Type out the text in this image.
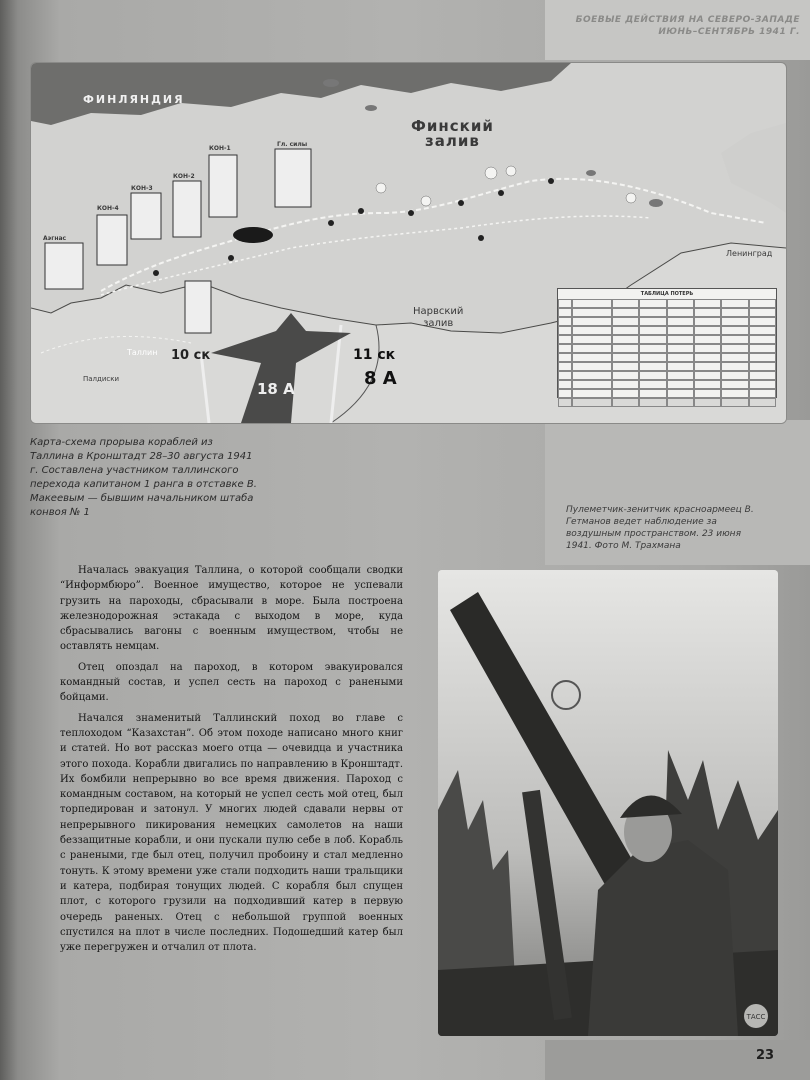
БОЕВЫЕ ДЕЙСТВИЯ НА СЕВЕРО-ЗАПАДЕ
ИЮНЬ–СЕНТЯБРЬ 1941 Г.
ФИНЛЯНДИЯ
Финский
залив
Нарвский
залив
Ленинград
Таллин
Палдиски
10 ск	11 ск
8 А
18 А
КОН-1
КОН-2
КОН-3
КОН-4
Гл. силы
Аэгнас
ТАБЛИЦА ПОТЕРЬ
Карта-схема прорыва кораблей из Таллина в Кронштадт 28–30 августа 1941 г. Составлена участником таллинского перехода капитаном 1 ранга в отставке В. Макеевым — бывшим начальником штаба конвоя № 1	Пулеметчик-зенитчик красноармеец В. Гетманов ведет наблюдение за воздушным пространством. 23 июня 1941. Фото М. Трахмана

Началась эвакуация Таллина, о которой сообщали сводки “Информбюро”. Военное имущество, которое не успевали грузить на пароходы, сбрасывали в море. Была построена железнодорожная эстакада с выходом в море, куда сбрасывались вагоны с военным имуществом, чтобы не оставлять немцам.

Отец опоздал на пароход, в котором эвакуировался командный состав, и успел сесть на пароход с ранеными бойцами.

Начался знаменитый Таллинский поход во главе с теплоходом “Казахстан”. Об этом походе написано много книг и статей. Но вот рассказ моего отца — очевидца и участника этого похода. Корабли двигались по направлению в Кронштадт. Их бомбили непрерывно во все время движения. Пароход с командным составом, на который не успел сесть мой отец, был торпедирован и затонул. У многих людей сдавали нервы от непрерывного пикирования немецких самолетов на наши беззащитные корабли, и они пускали пулю себе в лоб. Корабль с ранеными, где был отец, получил пробоину и стал медленно тонуть. К этому времени уже стали подходить наши тральщики и катера, подбирая тонущих людей. С корабля был спущен плот, с которого грузили на подходивший катер в первую очередь раненых. Отец с небольшой группой военных спустился на плот в числе последних. Подошедший катер был уже перегружен и отчалил от плота.

ТАСС
23
